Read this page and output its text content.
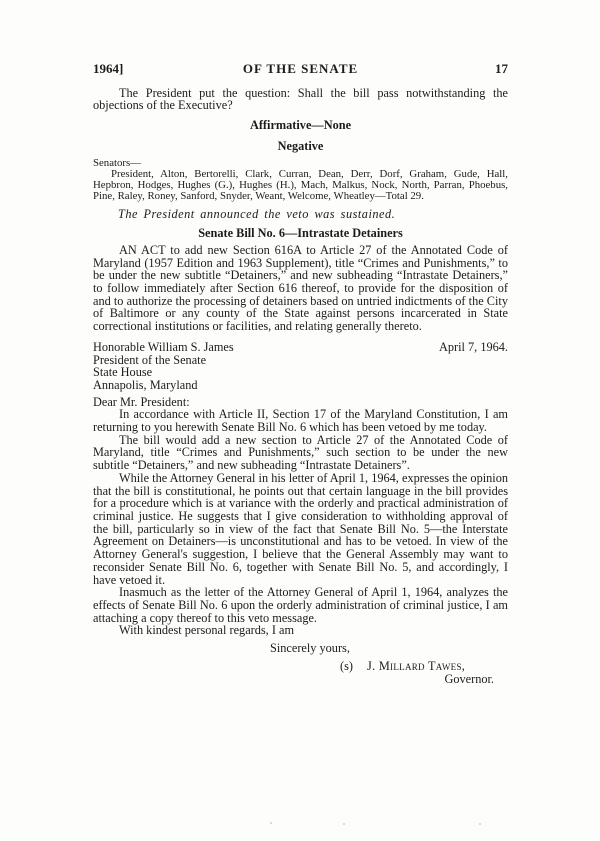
1964]	OF THE SENATE	17

The President put the question: Shall the bill pass notwithstanding the objections of the Executive?

Affirmative—None

Negative

Senators—

President, Alton, Bertorelli, Clark, Curran, Dean, Derr, Dorf, Graham, Gude, Hall, Hepbron, Hodges, Hughes (G.), Hughes (H.), Mach, Malkus, Nock, North, Parran, Phoebus, Pine, Raley, Roney, Sanford, Snyder, Weant, Welcome, Wheatley—Total 29.

The President announced the veto was sustained.

Senate Bill No. 6—Intrastate Detainers

AN ACT to add new Section 616A to Article 27 of the Annotated Code of Maryland (1957 Edition and 1963 Supplement), title “Crimes and Punishments,” to be under the new subtitle “Detainers,” and new subheading “Intrastate Detainers,” to follow immediately after Section 616 thereof, to provide for the disposition of and to authorize the processing of detainers based on untried indictments of the City of Baltimore or any county of the State against persons incarcerated in State correctional institutions or facilities, and relating generally thereto.

Honorable William S. James	April 7, 1964.
President of the Senate
State House
Annapolis, Maryland

Dear Mr. President:

In accordance with Article II, Section 17 of the Maryland Constitution, I am returning to you herewith Senate Bill No. 6 which has been vetoed by me today.

The bill would add a new section to Article 27 of the Annotated Code of Maryland, title “Crimes and Punishments,” such section to be under the new subtitle “Detainers,” and new subheading “Intrastate Detainers”.

While the Attorney General in his letter of April 1, 1964, expresses the opinion that the bill is constitutional, he points out that certain language in the bill provides for a procedure which is at variance with the orderly and practical administration of criminal justice. He suggests that I give consideration to withholding approval of the bill, particularly so in view of the fact that Senate Bill No. 5—the Interstate Agreement on Detainers—is unconstitutional and has to be vetoed. In view of the Attorney General's suggestion, I believe that the General Assembly may want to reconsider Senate Bill No. 6, together with Senate Bill No. 5, and accordingly, I have vetoed it.

Inasmuch as the letter of the Attorney General of April 1, 1964, analyzes the effects of Senate Bill No. 6 upon the orderly administration of criminal justice, I am attaching a copy thereof to this veto message.

With kindest personal regards, I am

Sincerely yours,

(s) J. Millard Tawes,

Governor.
